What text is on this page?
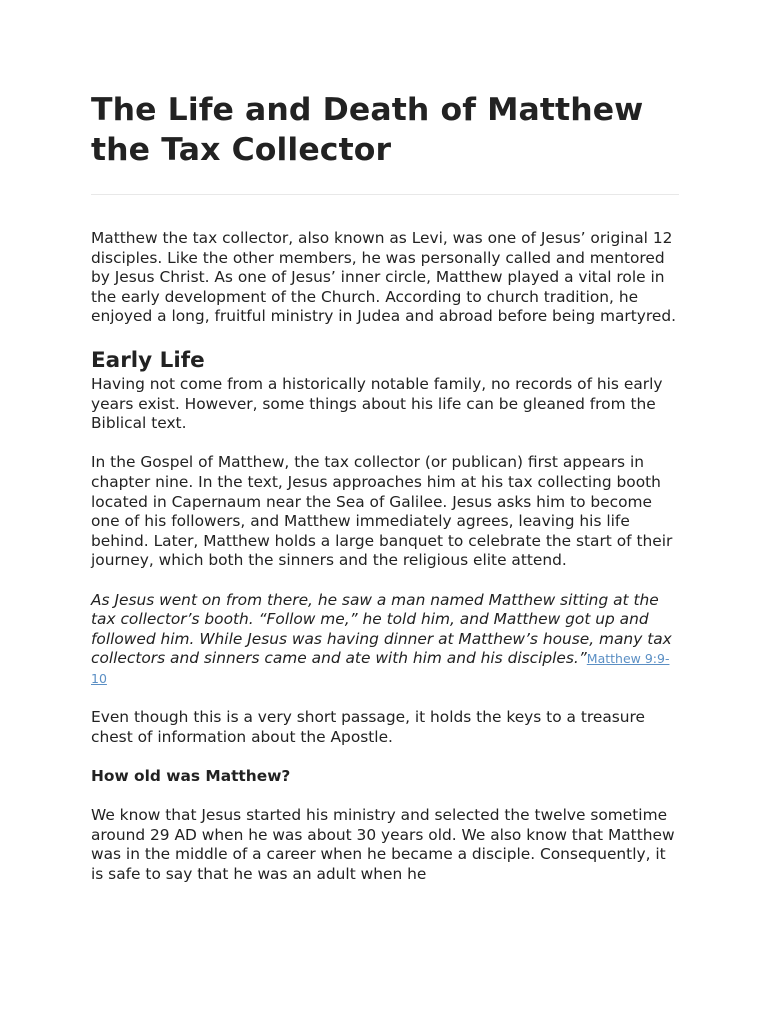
The Life and Death of Matthew the Tax Collector

Matthew the tax collector, also known as Levi, was one of Jesus’ original 12 disciples. Like the other members, he was personally called and mentored by Jesus Christ. As one of Jesus’ inner circle, Matthew played a vital role in the early development of the Church. According to church tradition, he enjoyed a long, fruitful ministry in Judea and abroad before being martyred.

Early Life

Having not come from a historically notable family, no records of his early years exist. However, some things about his life can be gleaned from the Biblical text.

In the Gospel of Matthew, the tax collector (or publican) first appears in chapter nine. In the text, Jesus approaches him at his tax collecting booth located in Capernaum near the Sea of Galilee. Jesus asks him to become one of his followers, and Matthew immediately agrees, leaving his life behind. Later, Matthew holds a large banquet to celebrate the start of their journey, which both the sinners and the religious elite attend.

As Jesus went on from there, he saw a man named Matthew sitting at the tax collector’s booth. “Follow me,” he told him, and Matthew got up and followed him. While Jesus was having dinner at Matthew’s house, many tax collectors and sinners came and ate with him and his disciples.”Matthew 9:9-10

Even though this is a very short passage, it holds the keys to a treasure chest of information about the Apostle.

How old was Matthew?

We know that Jesus started his ministry and selected the twelve sometime around 29 AD when he was about 30 years old. We also know that Matthew was in the middle of a career when he became a disciple. Consequently, it is safe to say that he was an adult when he
